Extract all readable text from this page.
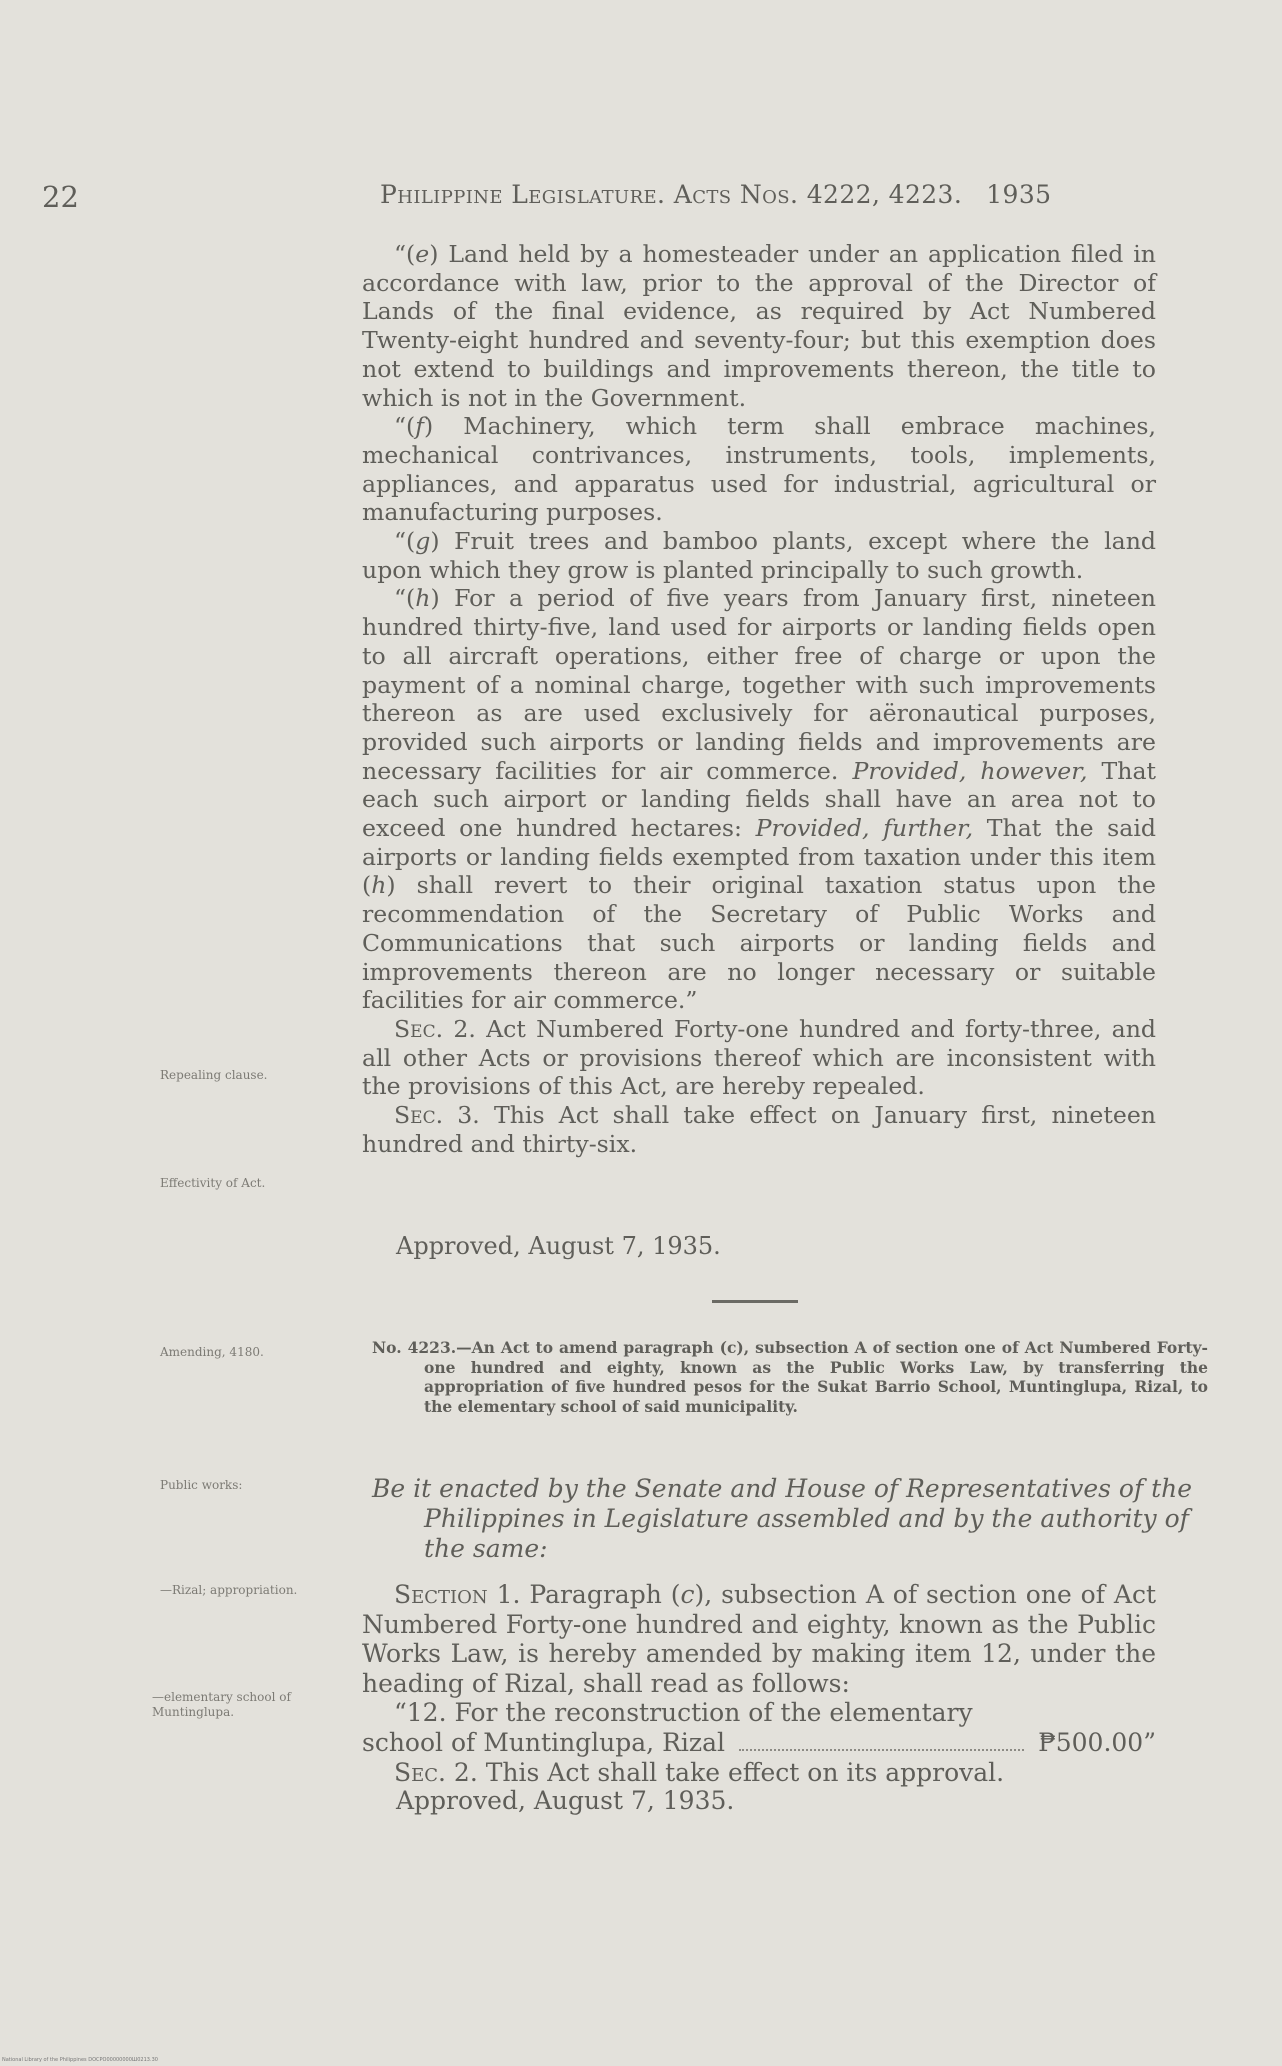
22	Philippine Legislature. Acts Nos. 4222, 4223. 1935

“(e) Land held by a homesteader under an application filed in accordance with law, prior to the approval of the Director of Lands of the final evidence, as required by Act Numbered Twenty-eight hundred and seventy-four; but this exemption does not extend to buildings and improvements thereon, the title to which is not in the Government.

“(f) Machinery, which term shall embrace machines, mechanical contrivances, instruments, tools, implements, appliances, and apparatus used for industrial, agricultural or manufacturing purposes.

“(g) Fruit trees and bamboo plants, except where the land upon which they grow is planted principally to such growth.

“(h) For a period of five years from January first, nineteen hundred thirty-five, land used for airports or landing fields open to all aircraft operations, either free of charge or upon the payment of a nominal charge, together with such improvements thereon as are used exclusively for aëronautical purposes, provided such airports or landing fields and improvements are necessary facilities for air commerce. Provided, however, That each such airport or landing fields shall have an area not to exceed one hundred hectares: Provided, further, That the said airports or landing fields exempted from taxation under this item (h) shall revert to their original taxation status upon the recommendation of the Secretary of Public Works and Communications that such airports or landing fields and improvements thereon are no longer necessary or suitable facilities for air commerce.”

Sec. 2. Act Numbered Forty-one hundred and forty-three, and all other Acts or provisions thereof which are inconsistent with the provisions of this Act, are hereby repealed.

Sec. 3. This Act shall take effect on January first, nineteen hundred and thirty-six.

Approved, August 7, 1935.
Repealing clause.
Effectivity of Act.
Amending, 4180.
Public works:
—Rizal; appropriation.
—elementary school of Muntinglupa.
No. 4223.—An Act to amend paragraph (c), subsection A of section one of Act Numbered Forty-one hundred and eighty, known as the Public Works Law, by transferring the appropriation of five hundred pesos for the Sukat Barrio School, Muntinglupa, Rizal, to the elementary school of said municipality.
Be it enacted by the Senate and House of Representatives of the Philippines in Legislature assembled and by the authority of the same:

Section 1. Paragraph (c), subsection A of section one of Act Numbered Forty-one hundred and eighty, known as the Public Works Law, is hereby amended by making item 12, under the heading of Rizal, shall read as follows:

“12. For the reconstruction of the elementary

school of Muntinglupa, Rizal	₱500.00”

Sec. 2. This Act shall take effect on its approval.

Approved, August 7, 1935.
National Library of the Philippines DOCPO00000000Ш0213.30
